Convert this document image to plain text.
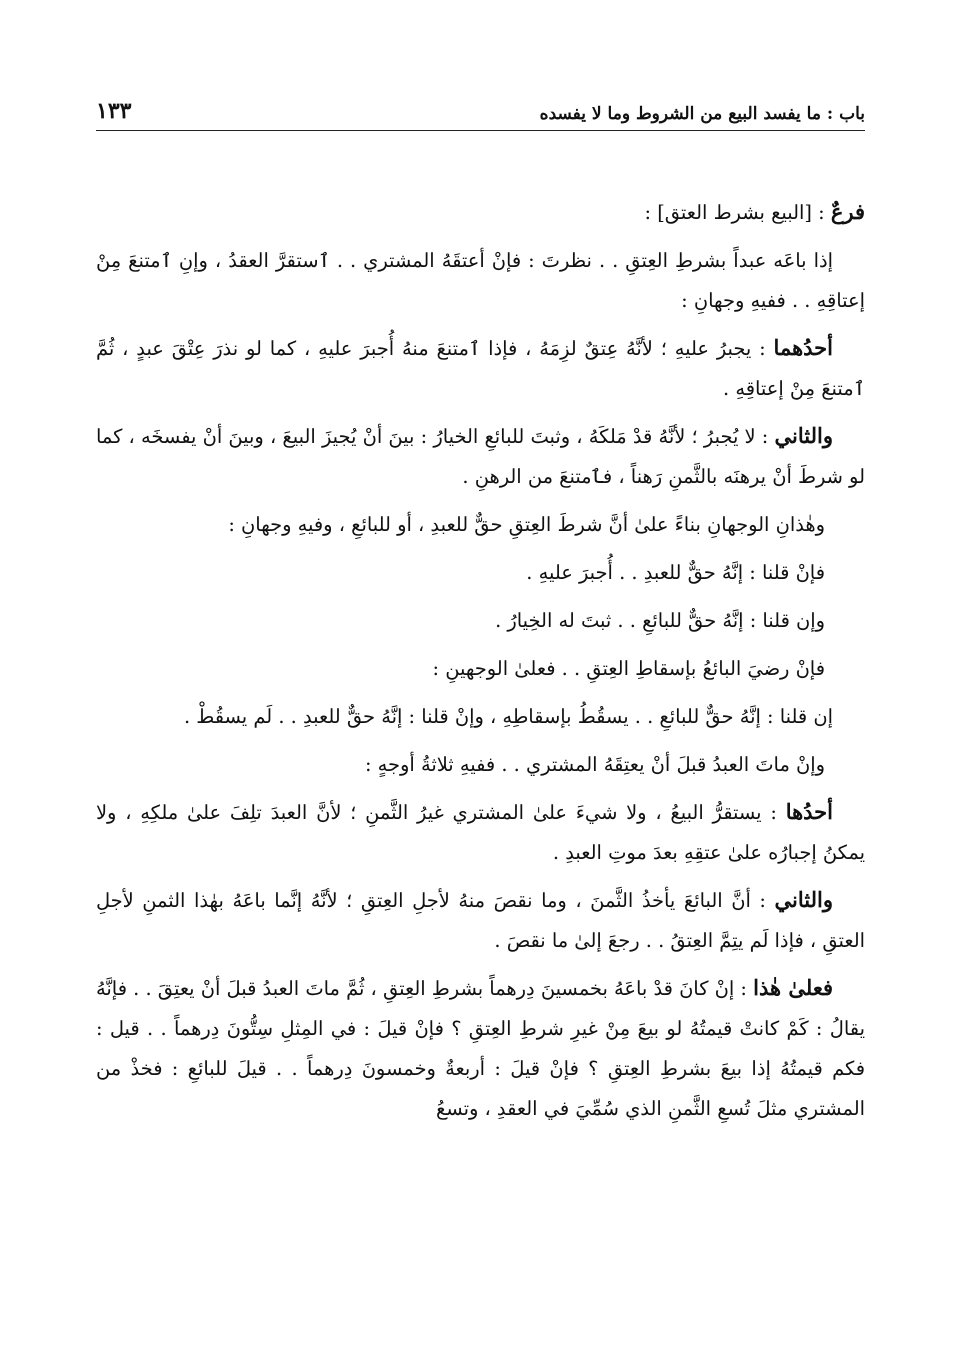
باب : ما يفسد البيع من الشروط وما لا يفسده
١٣٣

فرعٌ : [البيع بشرط العتق] :

إذا باعَه عبداً بشرطِ العِتقِ . . نظرتَ : فإنْ أعتقَهُ المشتري . . ٱستقرَّ العقدُ ، وإنِ ٱمتنعَ مِنْ إعتاقِهِ . . ففيهِ وجهانِ :

أحدُهما : يجبرُ عليهِ ؛ لأنَّهُ عِتقٌ لزِمَهُ ، فإذا ٱمتنعَ منهُ أُجبرَ عليهِ ، كما لو نذرَ عِتْقَ عبدٍ ، ثُمَّ ٱمتنعَ مِنْ إعتاقِهِ .

والثاني : لا يُجبرُ ؛ لأنَّهُ قدْ مَلكَهُ ، وثبتَ للبائعِ الخيارُ : بينَ أنْ يُجيزَ البيعَ ، وبينَ أنْ يفسخَه ، كما لو شرطَ أنْ يرهنَه بالثَّمنِ رَهناً ، فٱمتنعَ من الرهنِ .

وهٰذانِ الوجهانِ بناءً علىٰ أنَّ شرطَ العِتقِ حقٌّ للعبدِ ، أو للبائعِ ، وفيهِ وجهانِ :

فإنْ قلنا : إنَّهُ حقٌّ للعبدِ . . أُجبرَ عليهِ .

وإن قلنا : إنَّهُ حقٌّ للبائعِ . . ثبتَ له الخِيارُ .

فإنْ رضيَ البائعُ بإسقاطِ العِتقِ . . فعلىٰ الوجهينِ :

إن قلنا : إنَّهُ حقٌّ للبائعِ . . يسقُطُ بإسقاطِهِ ، وإنْ قلنا : إنَّهُ حقٌّ للعبدِ . . لَم يسقُطْ .

وإنْ ماتَ العبدُ قبلَ أنْ يعتِقَهُ المشتري . . ففيهِ ثلاثةُ أوجهٍ :

أحدُها : يستقرُّ البيعُ ، ولا شيءَ علىٰ المشتري غيرُ الثَّمنِ ؛ لأنَّ العبدَ تلِفَ علىٰ ملكِهِ ، ولا يمكنُ إجبارُه علىٰ عتقِهِ بعدَ موتِ العبدِ .

والثاني : أنَّ البائعَ يأخذُ الثَّمنَ ، وما نقصَ منهُ لأجلِ العِتقِ ؛ لأنَّهُ إنَّما باعَهُ بهٰذا الثمنِ لأجلِ العتقِ ، فإذا لَم يتِمَّ العِتقُ . . رجعَ إلىٰ ما نقصَ .

فعلىٰ هٰذا : إنْ كانَ قدْ باعَهُ بخمسينَ دِرهماً بشرطِ العِتقِ ، ثُمَّ ماتَ العبدُ قبلَ أنْ يعتِقَ . . فإنَّهُ يقالُ : كَمْ كانتْ قيمتُهُ لو بيعَ مِنْ غيرِ شرطِ العِتقِ ؟ فإنْ قيلَ : في المِثلِ سِتُّونَ دِرهماً . . قيل : فكم قيمتُهُ إذا بيعَ بشرطِ العِتقِ ؟ فإنْ قيلَ : أربعةٌ وخمسونَ دِرهماً . . قيلَ للبائعِ : فخذْ من المشتري مثلَ تُسعِ الثَّمنِ الذي سُمِّيَ في العقدِ ، وتسعُ
